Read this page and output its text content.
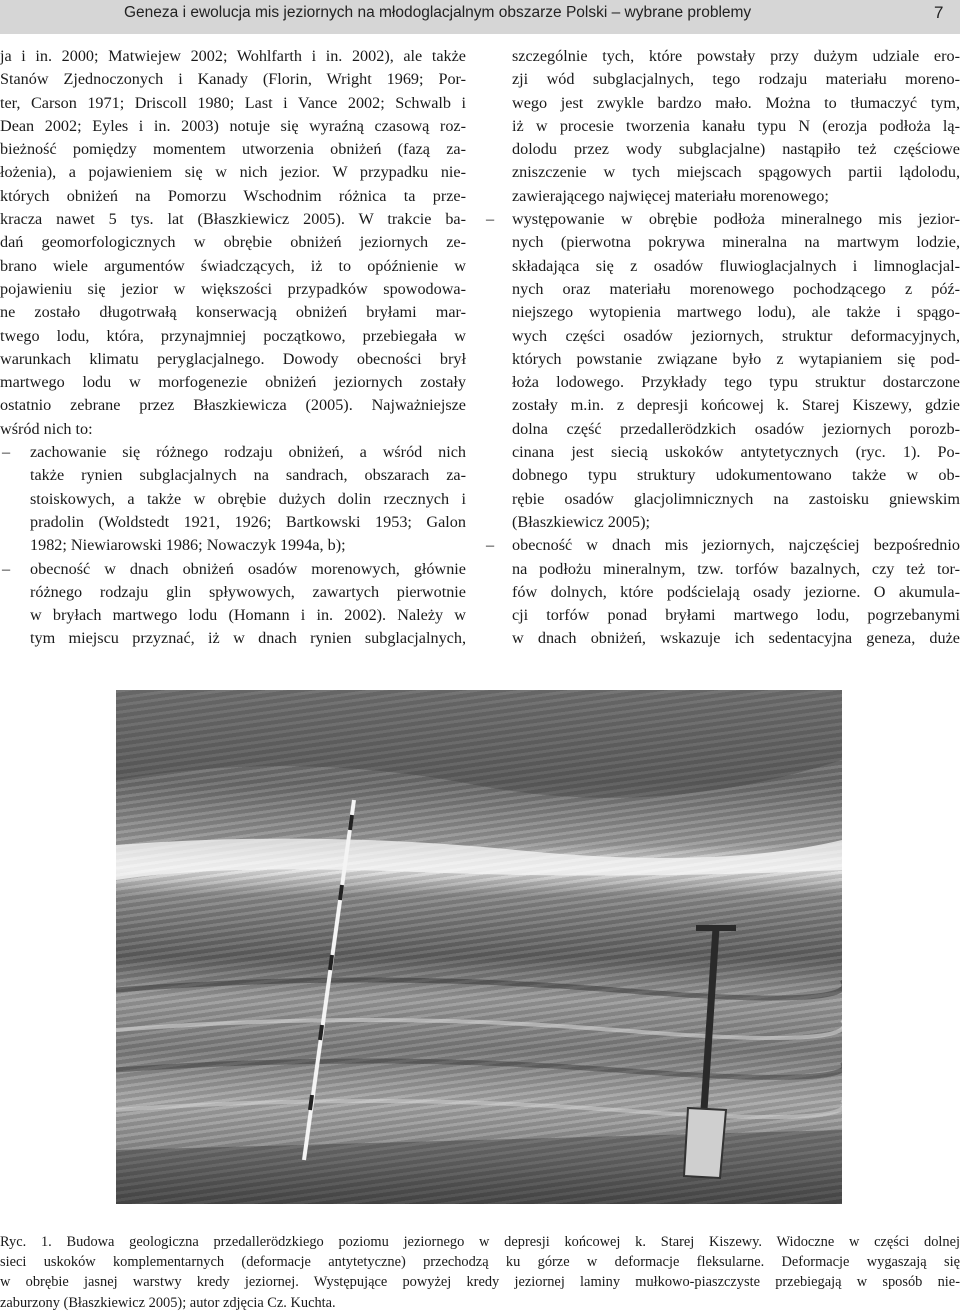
Geneza i ewolucja mis jeziornych na młodoglacjalnym obszarze Polski – wybrane problemy	7

ja i in. 2000; Matwiejew 2002; Wohlfarth i in. 2002), ale także
Stanów Zjednoczonych i Kanady (Florin, Wright 1969; Por-
ter, Carson 1971; Driscoll 1980; Last i Vance 2002; Schwalb i
Dean 2002; Eyles i in. 2003) notuje się wyraźną czasową roz-
bieżność pomiędzy momentem utworzenia obniżeń (fazą za-
łożenia), a pojawieniem się w nich jezior. W przypadku nie-
których obniżeń na Pomorzu Wschodnim różnica ta prze-
kracza nawet 5 tys. lat (Błaszkiewicz 2005). W trakcie ba-
dań geomorfologicznych w obrębie obniżeń jeziornych ze-
brano wiele argumentów świadczących, iż to opóźnienie w
pojawieniu się jezior w większości przypadków spowodowa-
ne zostało długotrwałą konserwacją obniżeń bryłami mar-
twego lodu, która, przynajmniej początkowo, przebiegała w
warunkach klimatu peryglacjalnego. Dowody obecności brył
martwego lodu w morfogenezie obniżeń jeziornych zostały
ostatnio zebrane przez Błaszkiewicza (2005). Najważniejsze
wśród nich to:

– zachowanie się różnego rodzaju obniżeń, a wśród nich
także rynien subglacjalnych na sandrach, obszarach za-
stoiskowych, a także w obrębie dużych dolin rzecznych i
pradolin (Woldstedt 1921, 1926; Bartkowski 1953; Galon
1982; Niewiarowski 1986; Nowaczyk 1994a, b);

– obecność w dnach obniżeń osadów morenowych, głównie
różnego rodzaju glin spływowych, zawartych pierwotnie
w bryłach martwego lodu (Homann i in. 2002). Należy w
tym miejscu przyznać, iż w dnach rynien subglacjalnych,

szczególnie tych, które powstały przy dużym udziale ero-
zji wód subglacjalnych, tego rodzaju materiału moreno-
wego jest zwykle bardzo mało. Można to tłumaczyć tym,
iż w procesie tworzenia kanału typu N (erozja podłoża lą-
dolodu przez wody subglacjalne) nastąpiło też częściowe
zniszczenie w tych miejscach spągowych partii lądolodu,
zawierającego najwięcej materiału morenowego;

– występowanie w obrębie podłoża mineralnego mis jezior-
nych (pierwotna pokrywa mineralna na martwym lodzie,
składająca się z osadów fluwioglacjalnych i limnoglacjal-
nych oraz materiału morenowego pochodzącego z póź-
niejszego wytopienia martwego lodu), ale także i spągo-
wych części osadów jeziornych, struktur deformacyjnych,
których powstanie związane było z wytapianiem się pod-
łoża lodowego. Przykłady tego typu struktur dostarczone
zostały m.in. z depresji końcowej k. Starej Kiszewy, gdzie
dolna część przedallerödzkich osadów jeziornych porozb-
cinana jest siecią uskoków antytetycznych (ryc. 1). Po-
dobnego typu struktury udokumentowano także w ob-
rębie osadów glacjolimnicznych na zastoisku gniewskim
(Błaszkiewicz 2005);

– obecność w dnach mis jeziornych, najczęściej bezpośrednio
na podłożu mineralnym, tzw. torfów bazalnych, czy też tor-
fów dolnych, które podścielają osady jeziorne. O akumula-
cji torfów ponad bryłami martwego lodu, pogrzebanymi
w dnach obniżeń, wskazuje ich sedentacyjna geneza, duże

Ryc. 1. Budowa geologiczna przedallerödzkiego poziomu jeziornego w depresji końcowej k. Starej Kiszewy. Widoczne w części dolnej
sieci uskoków komplementarnych (deformacje antytetyczne) przechodzą ku górze w deformacje fleksularne. Deformacje wygaszają się
w obrębie jasnej warstwy kredy jeziornej. Występujące powyżej kredy jeziornej laminy mułkowo-piaszczyste przebiegają w sposób nie-
zaburzony (Błaszkiewicz 2005); autor zdjęcia Cz. Kuchta.
